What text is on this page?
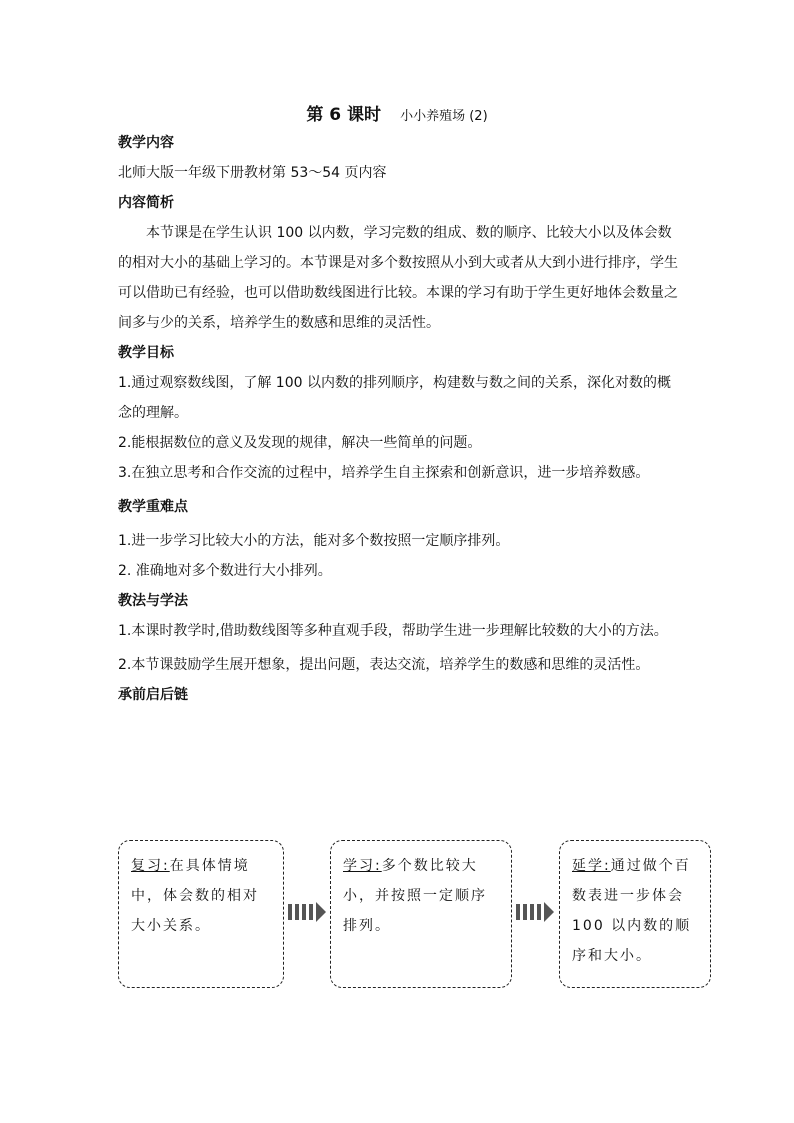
第 6 课时 小小养殖场 (2)
教学内容

北师大版一年级下册教材第 53～54 页内容

内容简析

本节课是在学生认识 100 以内数，学习完数的组成、数的顺序、比较大小以及体会数的相对大小的基础上学习的。本节课是对多个数按照从小到大或者从大到小进行排序，学生可以借助已有经验，也可以借助数线图进行比较。本课的学习有助于学生更好地体会数量之间多与少的关系，培养学生的数感和思维的灵活性。

教学目标

1.通过观察数线图，了解 100 以内数的排列顺序，构建数与数之间的关系，深化对数的概念的理解。

2.能根据数位的意义及发现的规律，解决一些简单的问题。

3.在独立思考和合作交流的过程中，培养学生自主探索和创新意识，进一步培养数感。

教学重难点

1.进一步学习比较大小的方法，能对多个数按照一定顺序排列。

2. 准确地对多个数进行大小排列。

教法与学法

1.本课时教学时,借助数线图等多种直观手段，帮助学生进一步理解比较数的大小的方法。

2.本节课鼓励学生展开想象，提出问题，表达交流，培养学生的数感和思维的灵活性。

承前启后链
复习:在具体情境中，体会数的相对大小关系。
学习:多个数比较大小，并按照一定顺序排列。
延学:通过做个百数表进一步体会 100 以内数的顺序和大小。
